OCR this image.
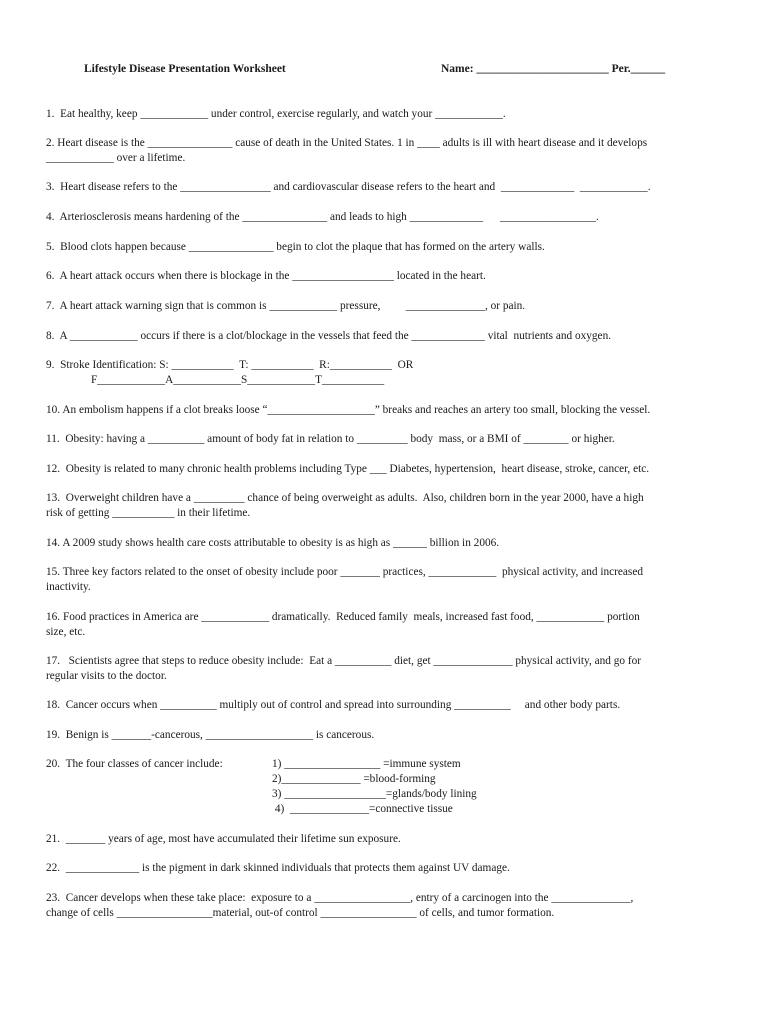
Lifestyle Disease Presentation Worksheet	Name: _______________________ Per.______
1.  Eat healthy, keep ____________ under control, exercise regularly, and watch your ____________.
2. Heart disease is the _______________ cause of death in the United States. 1 in ____ adults is ill with heart disease and it develops
____________ over a lifetime.
3.  Heart disease refers to the ________________ and cardiovascular disease refers to the heart and  _____________  ____________.
4.  Arteriosclerosis means hardening of the _______________ and leads to high _____________      _________________.
5.  Blood clots happen because _______________ begin to clot the plaque that has formed on the artery walls.
6.  A heart attack occurs when there is blockage in the __________________ located in the heart.
7.  A heart attack warning sign that is common is ____________ pressure,         ______________, or pain.
8.  A ____________ occurs if there is a clot/blockage in the vessels that feed the _____________ vital  nutrients and oxygen.
9.  Stroke Identification: S: ___________  T: ___________  R:___________  OR
F____________A____________S____________T___________
10. An embolism happens if a clot breaks loose “___________________” breaks and reaches an artery too small, blocking the vessel.
11.  Obesity: having a __________ amount of body fat in relation to _________ body  mass, or a BMI of ________ or higher.
12.  Obesity is related to many chronic health problems including Type ___ Diabetes, hypertension,  heart disease, stroke, cancer, etc.
13.  Overweight children have a _________ chance of being overweight as adults.  Also, children born in the year 2000, have a high
risk of getting ___________ in their lifetime.
14. A 2009 study shows health care costs attributable to obesity is as high as ______ billion in 2006.
15. Three key factors related to the onset of obesity include poor _______ practices, ____________  physical activity, and increased
inactivity.
16. Food practices in America are ____________ dramatically.  Reduced family  meals, increased fast food, ____________ portion
size, etc.
17.   Scientists agree that steps to reduce obesity include:  Eat a __________ diet, get ______________ physical activity, and go for
regular visits to the doctor.
18.  Cancer occurs when __________ multiply out of control and spread into surrounding __________     and other body parts.
19.  Benign is _______-cancerous, ___________________ is cancerous.
20.  The four classes of cancer include:	1) _________________ =immune system
2)______________ =blood-forming
3) __________________=glands/body lining
4)  ______________=connective tissue
21.  _______ years of age, most have accumulated their lifetime sun exposure.
22.  _____________ is the pigment in dark skinned individuals that protects them against UV damage.
23.  Cancer develops when these take place:  exposure to a _________________, entry of a carcinogen into the ______________,
change of cells _________________material, out-of control _________________ of cells, and tumor formation.
